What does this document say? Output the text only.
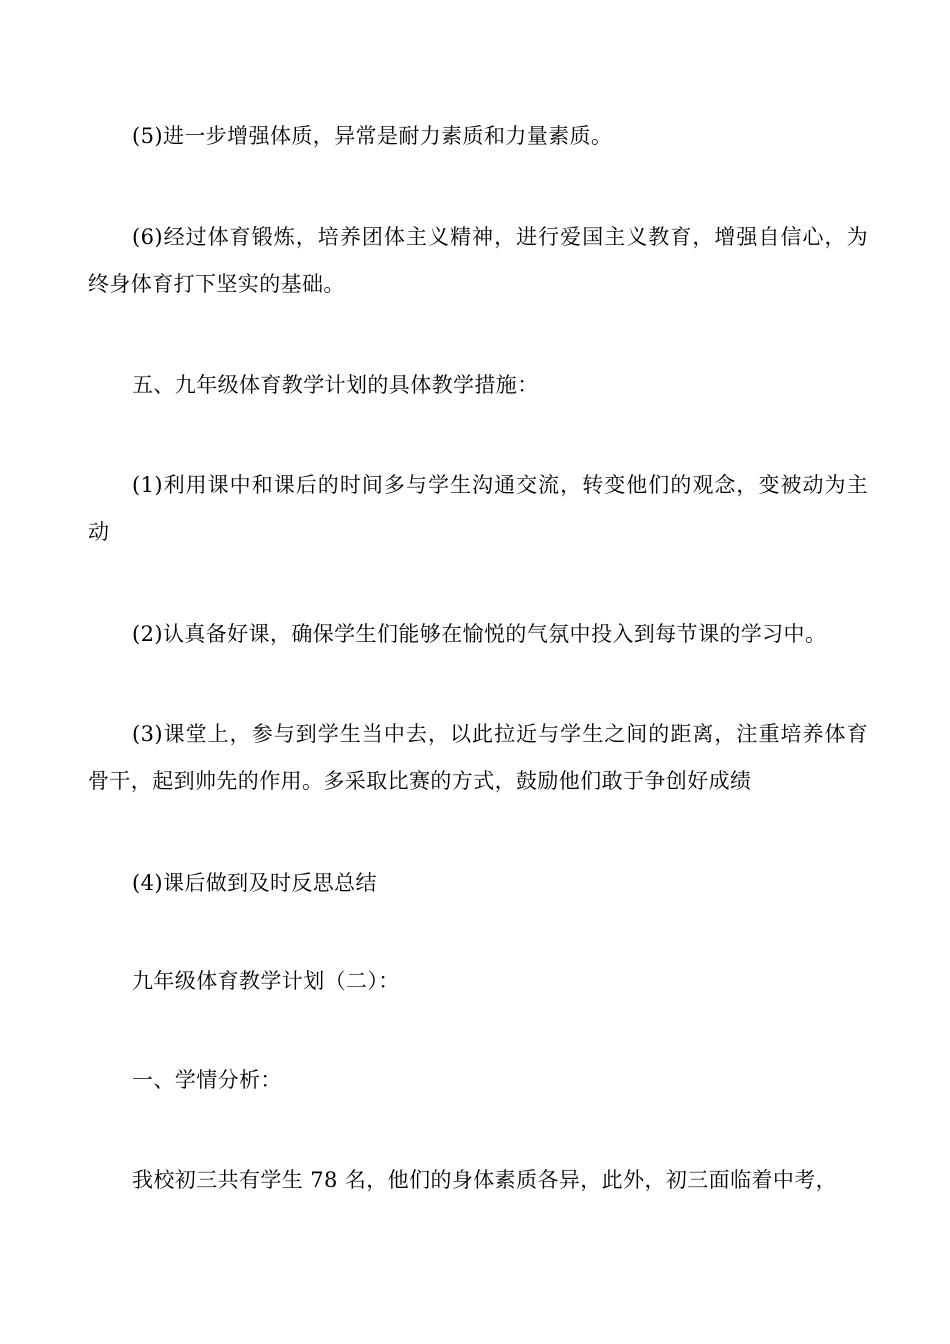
(5)进一步增强体质，异常是耐力素质和力量素质。

(6)经过体育锻炼，培养团体主义精神，进行爱国主义教育，增强自信心，为终身体育打下坚实的基础。

五、九年级体育教学计划的具体教学措施：

(1)利用课中和课后的时间多与学生沟通交流，转变他们的观念，变被动为主动

(2)认真备好课，确保学生们能够在愉悦的气氛中投入到每节课的学习中。

(3)课堂上，参与到学生当中去，以此拉近与学生之间的距离，注重培养体育骨干，起到帅先的作用。多采取比赛的方式，鼓励他们敢于争创好成绩

(4)课后做到及时反思总结

九年级体育教学计划（二）：

一、学情分析：

我校初三共有学生 78 名，他们的身体素质各异，此外，初三面临着中考，
